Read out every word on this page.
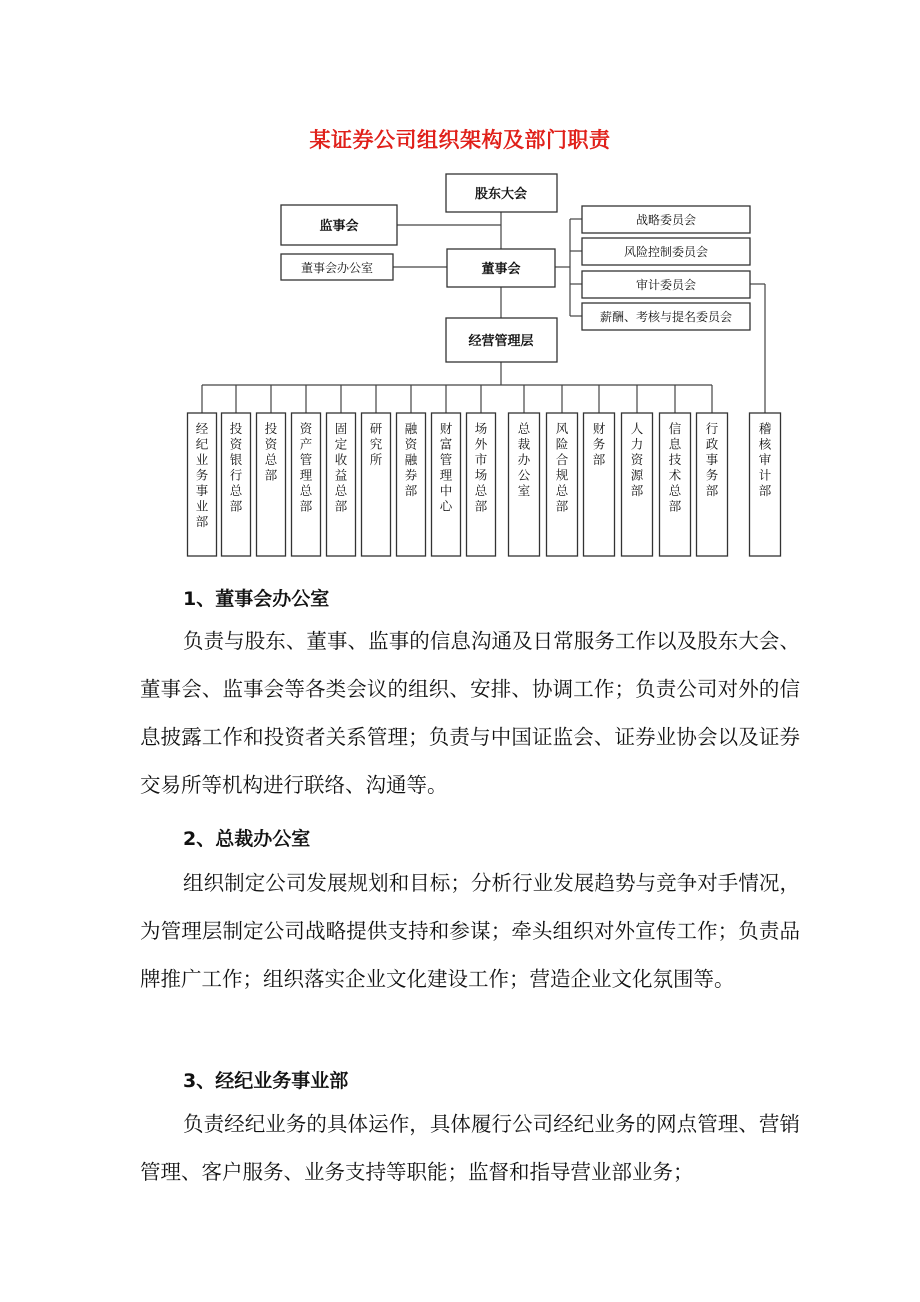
某证券公司组织架构及部门职责
股东大会
监事会
董事会
经营管理层
董事会办公室
战略委员会
风险控制委员会
审计委员会
薪酬、考核与提名委员会
经纪业务事业部
投资银行总部
投资总部
资产管理总部
固定收益总部
研究所
融资融券部
财富管理中心
场外市场总部
总裁办公室
风险合规总部
财务部
人力资源部
信息技术总部
行政事务部
稽核审计部
1、董事会办公室
负责与股东、董事、监事的信息沟通及日常服务工作以及股东大会、董事会、监事会等各类会议的组织、安排、协调工作；负责公司对外的信息披露工作和投资者关系管理；负责与中国证监会、证券业协会以及证券交易所等机构进行联络、沟通等。
2、总裁办公室
组织制定公司发展规划和目标；分析行业发展趋势与竞争对手情况，为管理层制定公司战略提供支持和参谋；牵头组织对外宣传工作；负责品牌推广工作；组织落实企业文化建设工作；营造企业文化氛围等。
3、经纪业务事业部
负责经纪业务的具体运作，具体履行公司经纪业务的网点管理、营销管理、客户服务、业务支持等职能；监督和指导营业部业务；
